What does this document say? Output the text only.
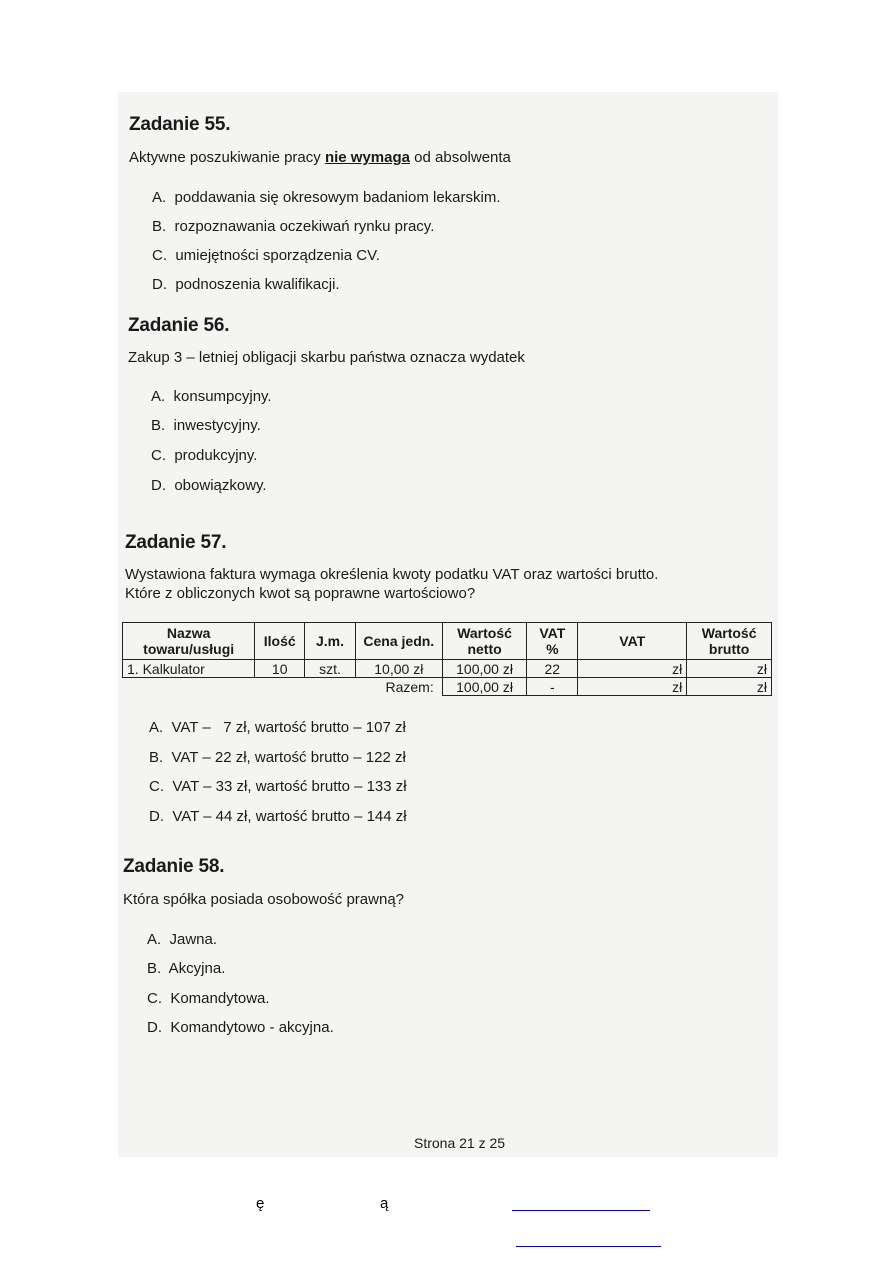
Zadanie 55.
Aktywne poszukiwanie pracy nie wymaga od absolwenta
A.  poddawania się okresowym badaniom lekarskim.
B.  rozpoznawania oczekiwań rynku pracy.
C.  umiejętności sporządzenia CV.
D.  podnoszenia kwalifikacji.
Zadanie 56.
Zakup 3 – letniej obligacji skarbu państwa oznacza wydatek
A.  konsumpcyjny.
B.  inwestycyjny.
C.  produkcyjny.
D.  obowiązkowy.
Zadanie 57.
Wystawiona faktura wymaga określenia kwoty podatku VAT oraz wartości brutto.
Które z obliczonych kwot są poprawne wartościowo?
Nazwa towaru/usługi	Ilość	J.m.	Cena jedn.	Wartość netto	VAT %	VAT	Wartość brutto
1. Kalkulator	10	szt.	10,00 zł	100,00 zł	22	zł	zł
		Razem:		100,00 zł	-	zł	zł
A.  VAT –   7 zł, wartość brutto – 107 zł
B.  VAT – 22 zł, wartość brutto – 122 zł
C.  VAT – 33 zł, wartość brutto – 133 zł
D.  VAT – 44 zł, wartość brutto – 144 zł
Zadanie 58.
Która spółka posiada osobowość prawną?
A.  Jawna.
B.  Akcyjna.
C.  Komandytowa.
D.  Komandytowo - akcyjna.
Strona 21 z 25
ę	ą
